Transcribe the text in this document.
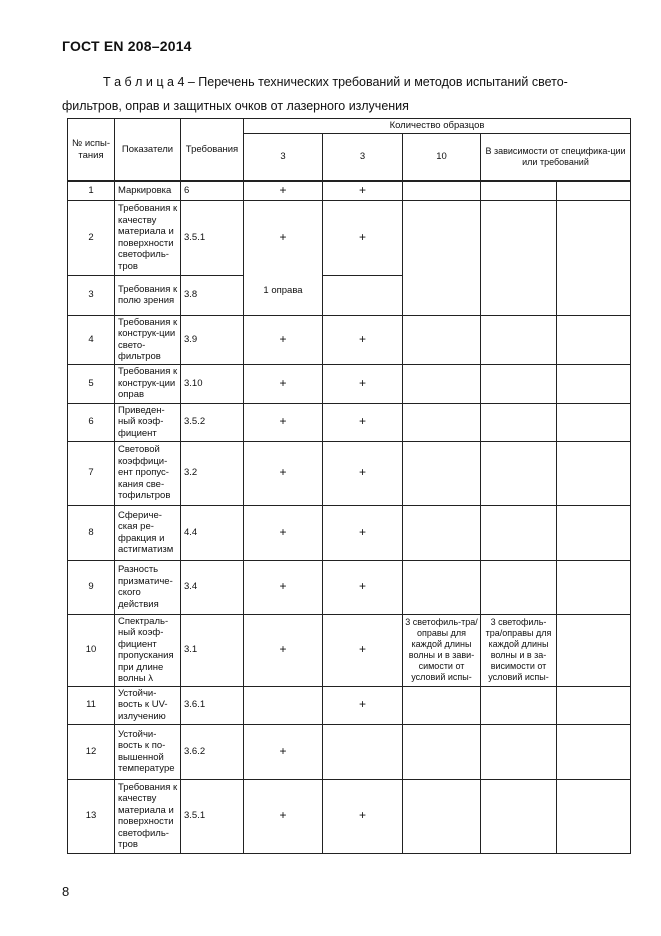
ГОСТ EN 208–2014
Т а б л и ц а 4 – Перечень технических требований и методов испытаний свето-
фильтров, оправ и защитных очков от лазерного излучения
№ испы-тания	Показатели	Требования	Количество образцов				
			3	3	10	В зависимости от специфика-ции или требований	
1	Маркировка	6	+	+			
2	Требования к качеству материала и поверхности светофиль-тров	3.5.1	+	+			
3	Требования к полю зрения	3.8	1 оправа				
4	Требования к конструк-ции свето-фильтров	3.9	+	+			
5	Требования к конструк-ции оправ	3.10	+	+			
6	Приведен-ный коэф-фициент	3.5.2	+	+			
7	Световой коэффици-ент пропус-кания све-тофильтров	3.2	+	+			
8	Сфериче-ская ре-фракция и астигматизм	4.4	+	+			
9	Разность призматиче-ского действия	3.4	+	+			
10	Спектраль-ный коэф-фициент пропускания при длине волны λ	3.1	+	+	3 светофиль-тра/оправы для каждой длины волны и в зави-симости от условий испы-	3 светофиль-тра/оправы для каждой длины волны и в за-висимости от условий испы-	
11	Устойчи-вость к UV-излучению	3.6.1		+			
12	Устойчи-вость к по-вышенной температуре	3.6.2	+				
13	Требования к качеству материала и поверхности светофиль-тров	3.5.1	+	+			
8
